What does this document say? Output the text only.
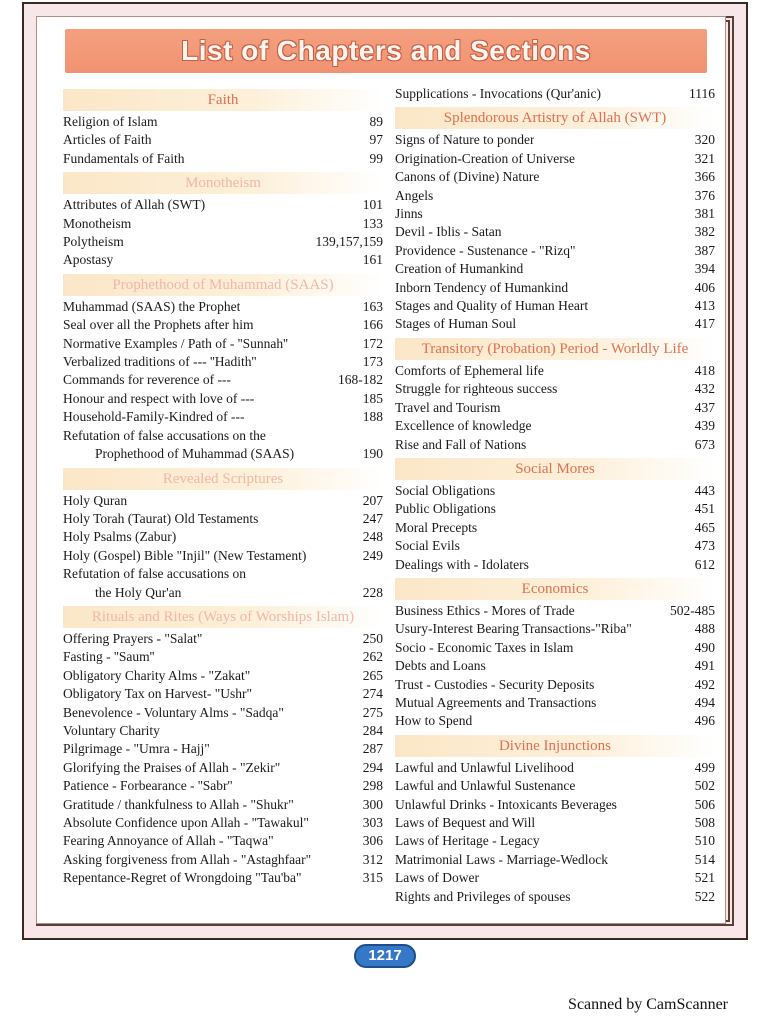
List of Chapters and Sections
Faith
Religion of Islam	89
Articles of Faith	97
Fundamentals of Faith	99
Monotheism
Attributes of Allah (SWT)	101
Monotheism	133
Polytheism	139,157,159
Apostasy	161
Prophethood of Muhammad (SAAS)
Muhammad (SAAS) the Prophet	163
Seal over all the Prophets after him	166
Normative Examples / Path of - ''Sunnah''	172
Verbalized traditions of --- ''Hadith''	173
Commands for reverence of ---	168-182
Honour and respect with love of ---	185
Household-Family-Kindred of ---	188
Refutation of false accusations on the
Prophethood of Muhammad (SAAS)	190
Revealed Scriptures
Holy Quran	207
Holy Torah (Taurat) Old Testaments	247
Holy Psalms (Zabur)	248
Holy (Gospel) Bible "Injil" (New Testament)	249
Refutation of false accusations on
the Holy Qur'an	228
Rituals and Rites (Ways of Worships Islam)
Offering Prayers - "Salat"	250
Fasting - ''Saum''	262
Obligatory Charity Alms - "Zakat"	265
Obligatory Tax on Harvest- "Ushr"	274
Benevolence - Voluntary Alms - "Sadqa"	275
Voluntary Charity	284
Pilgrimage - "Umra - Hajj"	287
Glorifying the Praises of Allah - "Zekir"	294
Patience - Forbearance - ''Sabr''	298
Gratitude / thankfulness to Allah - "Shukr"	300
Absolute Confidence upon Allah - "Tawakul"	303
Fearing Annoyance of Allah - "Taqwa"	306
Asking forgiveness from Allah - "Astaghfaar"	312
Repentance-Regret of Wrongdoing "Tau'ba"	315
Supplications - Invocations (Qur'anic)	1116
Splendorous Artistry of Allah (SWT)
Signs of Nature to ponder	320
Origination-Creation of Universe	321
Canons of (Divine) Nature	366
Angels	376
Jinns	381
Devil - Iblis - Satan	382
Providence - Sustenance - "Rizq"	387
Creation of Humankind	394
Inborn Tendency of Humankind	406
Stages and Quality of Human Heart	413
Stages of Human Soul	417
Transitory (Probation) Period - Worldly Life
Comforts of Ephemeral life	418
Struggle for righteous success	432
Travel and Tourism	437
Excellence of knowledge	439
Rise and Fall of Nations	673
Social Mores
Social Obligations	443
Public Obligations	451
Moral Precepts	465
Social Evils	473
Dealings with - Idolaters	612
Economics
Business Ethics - Mores of Trade	502-485
Usury-Interest Bearing Transactions-"Riba"	488
Socio - Economic Taxes in Islam	490
Debts and Loans	491
Trust - Custodies - Security Deposits	492
Mutual Agreements and Transactions	494
How to Spend	496
Divine Injunctions
Lawful and Unlawful Livelihood	499
Lawful and Unlawful Sustenance	502
Unlawful Drinks - Intoxicants Beverages	506
Laws of Bequest and Will	508
Laws of Heritage - Legacy	510
Matrimonial Laws - Marriage-Wedlock	514
Laws of Dower	521
Rights and Privileges of spouses	522
1217
Scanned by CamScanner
